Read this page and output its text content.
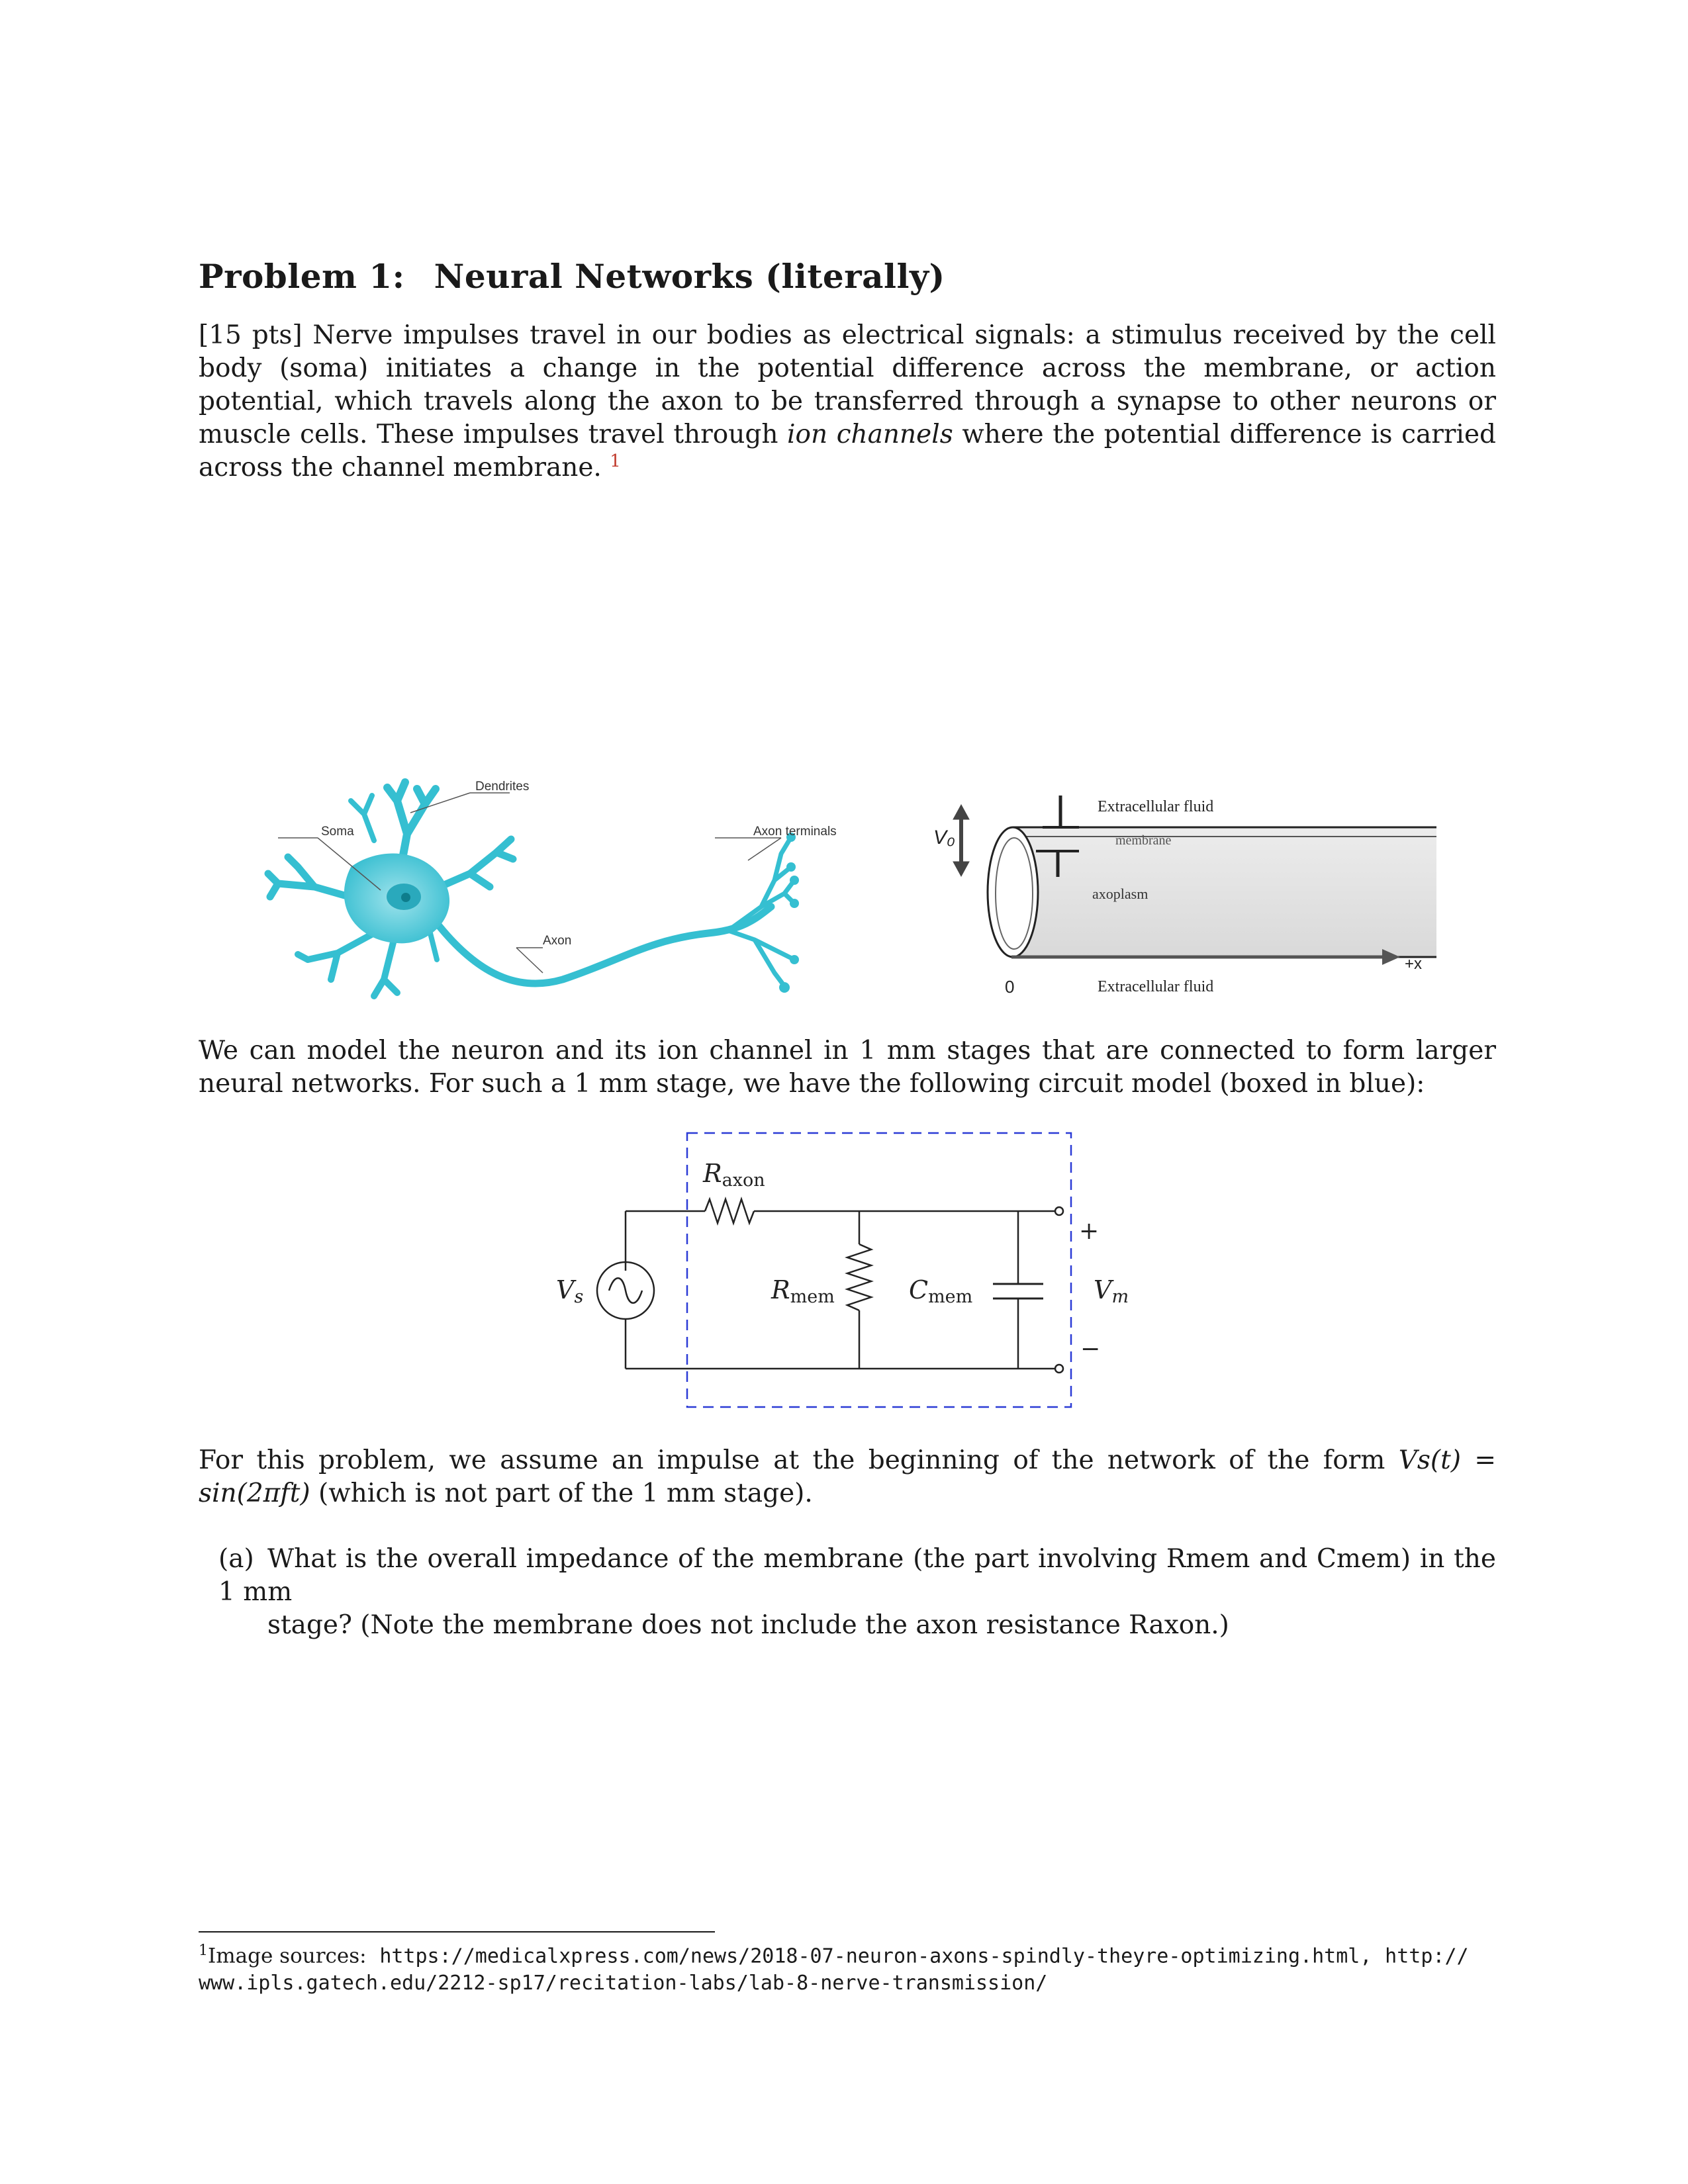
Problem 1: Neural Networks (literally)
[15 pts] Nerve impulses travel in our bodies as electrical signals: a stimulus received by the cell body (soma) initiates a change in the potential difference across the membrane, or action potential, which travels along the axon to be transferred through a synapse to other neurons or muscle cells. These impulses travel through ion channels where the potential difference is carried across the channel membrane. $^1$
Dendrites
Soma	Axon terminals
Axon
V₀
Extracellular fluid
membrane
axoplasm
0
+x
Extracellular fluid
We can model the neuron and its ion channel in 1 mm stages that are connected to form larger neural networks. For such a 1 mm stage, we have the following circuit model (boxed in blue):
Raxon
Rmem	Cmem
Vs	Vm
+
−
For this problem, we assume an impulse at the beginning of the network of the form Vs(t) = sin(2πft) (which is not part of the 1 mm stage).
(a) What is the overall impedance of the membrane (the part involving Rmem and Cmem) in the 1 mm
stage? (Note the membrane does not include the axon resistance Raxon.)
$^1$Image sources: https://medicalxpress.com/news/2018-07-neuron-axons-spindly-theyre-optimizing.html, http://
www.ipls.gatech.edu/2212-sp17/recitation-labs/lab-8-nerve-transmission/
